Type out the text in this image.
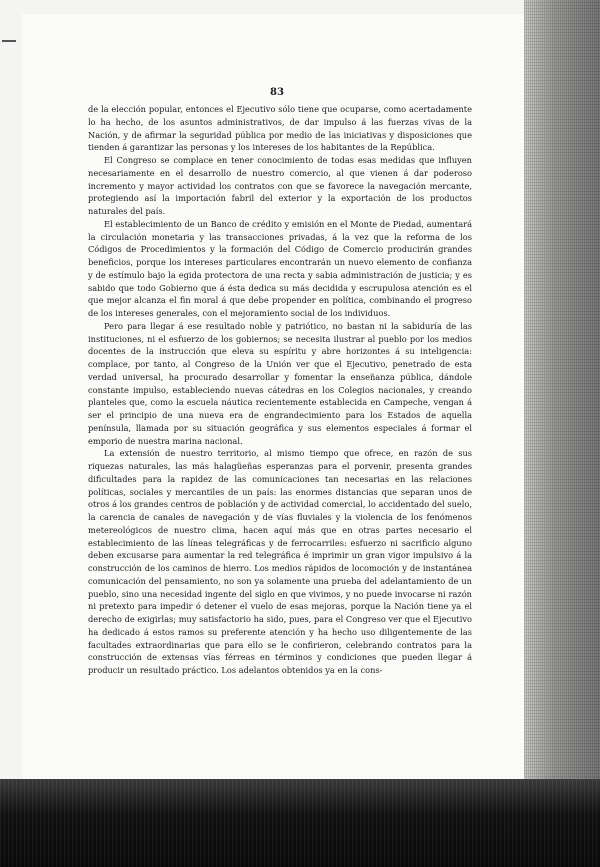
83

de la elección popular, entonces el Ejecutivo sólo tiene que ocuparse, como acertadamente lo ha hecho, de los asuntos administrativos, de dar impulso á las fuerzas vivas de la Nación, y de afirmar la seguridad pública por medio de las iniciativas y disposiciones que tienden á garantizar las personas y los intereses de los habitantes de la República.

El Congreso se complace en tener conocimiento de todas esas medidas que influyen necesariamente en el desarrollo de nuestro comercio, al que vienen á dar poderoso incremento y mayor actividad los contratos con que se favorece la navegación mercante, protegiendo así la importación fabril del exterior y la exportación de los productos naturales del país.

El establecimiento de un Banco de crédito y emisión en el Monte de Piedad, aumentará la circulación monetaria y las transacciones privadas, á la vez que la reforma de los Códigos de Procedimientos y la formación del Código de Comercio producirán grandes beneficios, porque los intereses particulares encontrarán un nuevo elemento de confianza y de estímulo bajo la egida protectora de una recta y sabia administración de justicia; y es sabido que todo Gobierno que á ésta dedica su más decidida y escrupulosa atención es el que mejor alcanza el fin moral á que debe propender en política, combinando el progreso de los intereses generales, con el mejoramiento social de los individuos.

Pero para llegar á ese resultado noble y patriótico, no bastan ni la sabiduría de las instituciones, ni el esfuerzo de los gobiernos; se necesita ilustrar al pueblo por los medios docentes de la instrucción que eleva su espíritu y abre horizontes á su inteligencia: complace, por tanto, al Congreso de la Unión ver que el Ejecutivo, penetrado de esta verdad universal, ha procurado desarrollar y fomentar la enseñanza pública, dándole constante impulso, estableciendo nuevas cátedras en los Colegios nacionales, y creando planteles que, como la escuela náutica recientemente establecida en Campeche, vengan á ser el principio de una nueva era de engrandecimiento para los Estados de aquella península, llamada por su situación geográfica y sus elementos especiales á formar el emporio de nuestra marina nacional.

La extensión de nuestro territorio, al mismo tiempo que ofrece, en razón de sus riquezas naturales, las más halagüeñas esperanzas para el porvenir, presenta grandes dificultades para la rapidez de las comunicaciones tan necesarias en las relaciones políticas, sociales y mercantiles de un país: las enormes distancias que separan unos de otros á los grandes centros de población y de actividad comercial, lo accidentado del suelo, la carencia de canales de navegación y de vías fluviales y la violencia de los fenómenos metereológicos de nuestro clima, hacen aquí más que en otras partes necesario el establecimiento de las líneas telegráficas y de ferrocarriles: esfuerzo ni sacrificio alguno deben excusarse para aumentar la red telegráfica é imprimir un gran vigor impulsivo á la construcción de los caminos de hierro. Los medios rápidos de locomoción y de instantánea comunicación del pensamiento, no son ya solamente una prueba del adelantamiento de un pueblo, sino una necesidad ingente del siglo en que vivimos, y no puede invocarse ni razón ni pretexto para impedir ó detener el vuelo de esas mejoras, porque la Nación tiene ya el derecho de exigirlas; muy satisfactorio ha sido, pues, para el Congreso ver que el Ejecutivo ha dedicado á estos ramos su preferente atención y ha hecho uso diligentemente de las facultades extraordinarias que para ello se le confirieron, celebrando contratos para la construcción de extensas vías férreas en términos y condiciones que pueden llegar á producir un resultado práctico. Los adelantos obtenidos ya en la cons-
